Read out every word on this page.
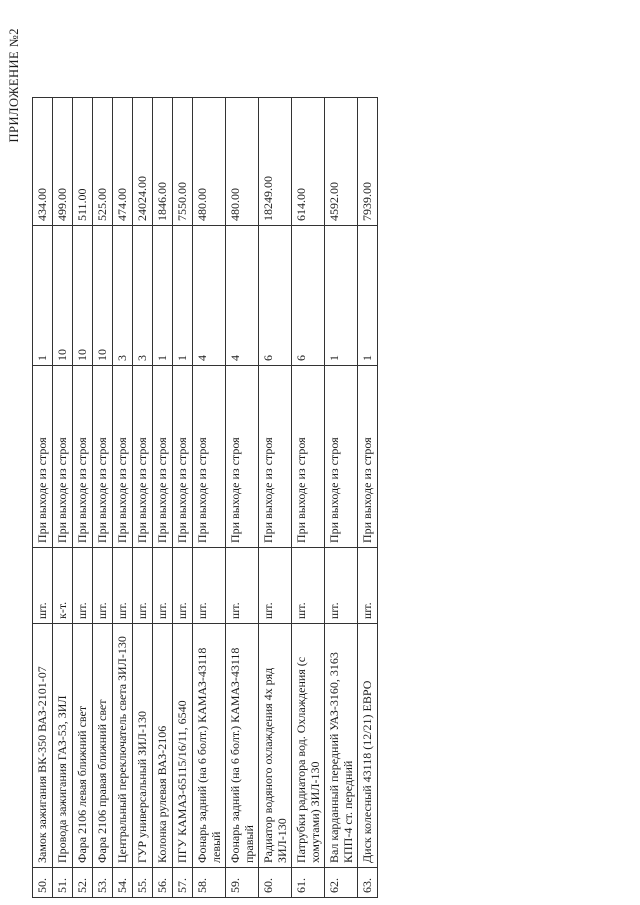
ПРИЛОЖЕНИЕ №2
50.	Замок зажигания ВК-350 ВАЗ-2101-07	шт.	При выходе из строя	1	434.00
51.	Провода зажигания ГАЗ-53, ЗИЛ	к-т.	При выходе из строя	10	499.00
52.	Фара 2106 левая ближний свет	шт.	При выходе из строя	10	511.00
53.	Фара 2106 правая ближний свет	шт.	При выходе из строя	10	525.00
54.	Центральный переключатель света ЗИЛ-130	шт.	При выходе из строя	3	474.00
55.	ГУР универсальный ЗИЛ-130	шт.	При выходе из строя	3	24024.00
56.	Колонка рулевая ВАЗ-2106	шт.	При выходе из строя	1	1846.00
57.	ПГУ КАМАЗ-65115/16/11, 6540	шт.	При выходе из строя	1	7550.00
58.	Фонарь задний (на 6 болт.) КАМАЗ-43118 левый	шт.	При выходе из строя	4	480.00
59.	Фонарь задний (на 6 болт.) КАМАЗ-43118 правый	шт.	При выходе из строя	4	480.00
60.	Радиатор водяного охлаждения 4х ряд ЗИЛ-130	шт.	При выходе из строя	6	18249.00
61.	Патрубки радиатора вод. Охлаждения (с хомутами) ЗИЛ-130	шт.	При выходе из строя	6	614.00
62.	Вал карданный передний УАЗ-3160, 3163 КПП-4 ст. передний	шт.	При выходе из строя	1	4592.00
63.	Диск колесный 43118 (12/21) ЕВРО	шт.	При выходе из строя	1	7939.00
